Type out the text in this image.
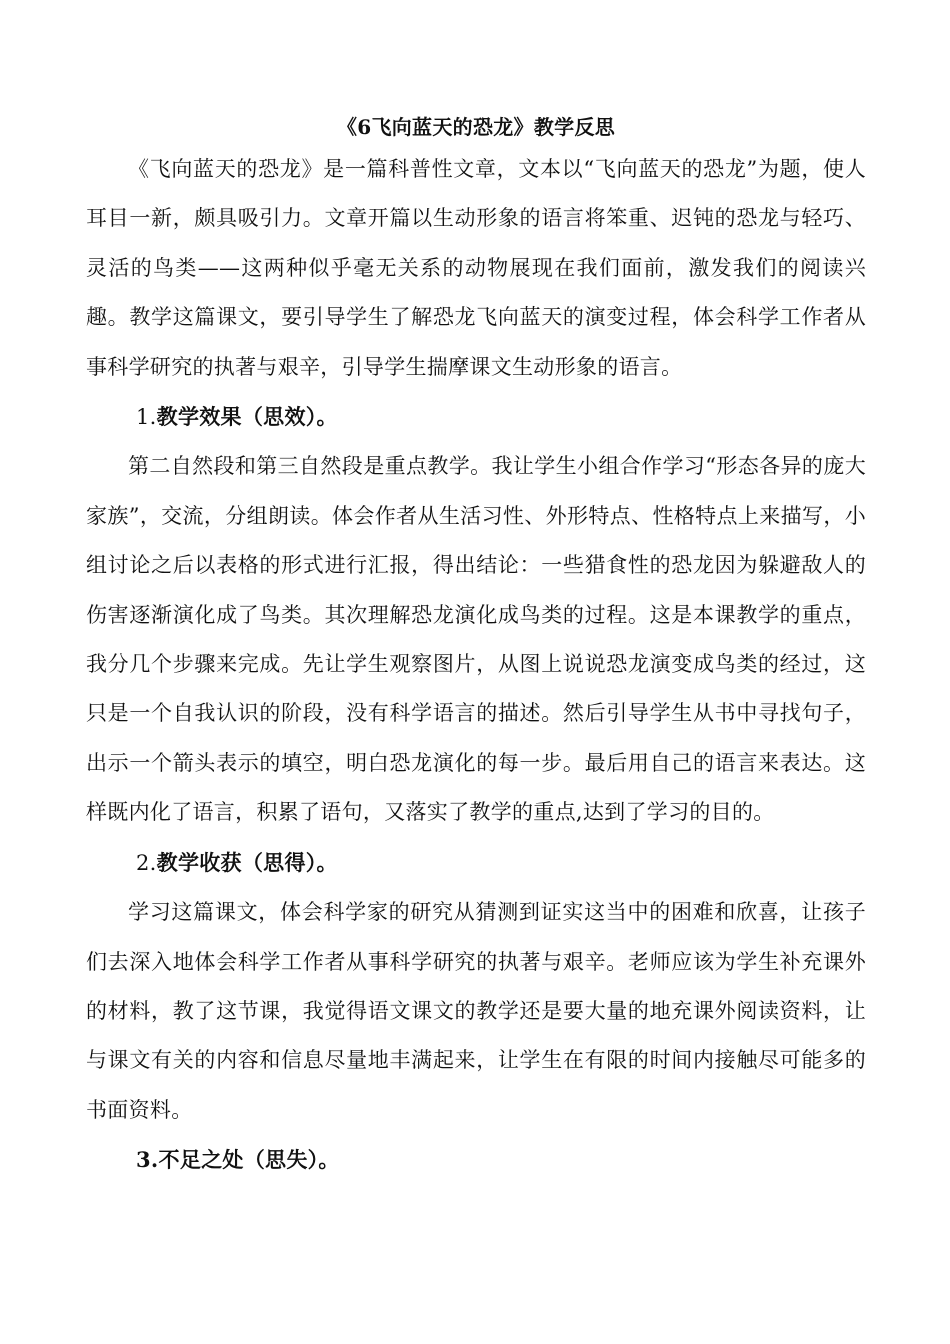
《6飞向蓝天的恐龙》教学反思

《飞向蓝天的恐龙》是一篇科普性文章，文本以“飞向蓝天的恐龙”为题，使人耳目一新，颇具吸引力。文章开篇以生动形象的语言将笨重、迟钝的恐龙与轻巧、灵活的鸟类——这两种似乎毫无关系的动物展现在我们面前，激发我们的阅读兴趣。教学这篇课文，要引导学生了解恐龙飞向蓝天的演变过程，体会科学工作者从事科学研究的执著与艰辛，引导学生揣摩课文生动形象的语言。

1.教学效果（思效）。

第二自然段和第三自然段是重点教学。我让学生小组合作学习“形态各异的庞大家族”，交流，分组朗读。体会作者从生活习性、外形特点、性格特点上来描写，小组讨论之后以表格的形式进行汇报，得出结论：一些猎食性的恐龙因为躲避敌人的伤害逐渐演化成了鸟类。其次理解恐龙演化成鸟类的过程。这是本课教学的重点，我分几个步骤来完成。先让学生观察图片，从图上说说恐龙演变成鸟类的经过，这只是一个自我认识的阶段，没有科学语言的描述。然后引导学生从书中寻找句子，出示一个箭头表示的填空，明白恐龙演化的每一步。最后用自己的语言来表达。这样既内化了语言，积累了语句，又落实了教学的重点,达到了学习的目的。

2.教学收获（思得）。

学习这篇课文，体会科学家的研究从猜测到证实这当中的困难和欣喜，让孩子们去深入地体会科学工作者从事科学研究的执著与艰辛。老师应该为学生补充课外的材料，教了这节课，我觉得语文课文的教学还是要大量的地充课外阅读资料，让与课文有关的内容和信息尽量地丰满起来，让学生在有限的时间内接触尽可能多的书面资料。

3.不足之处（思失）。
